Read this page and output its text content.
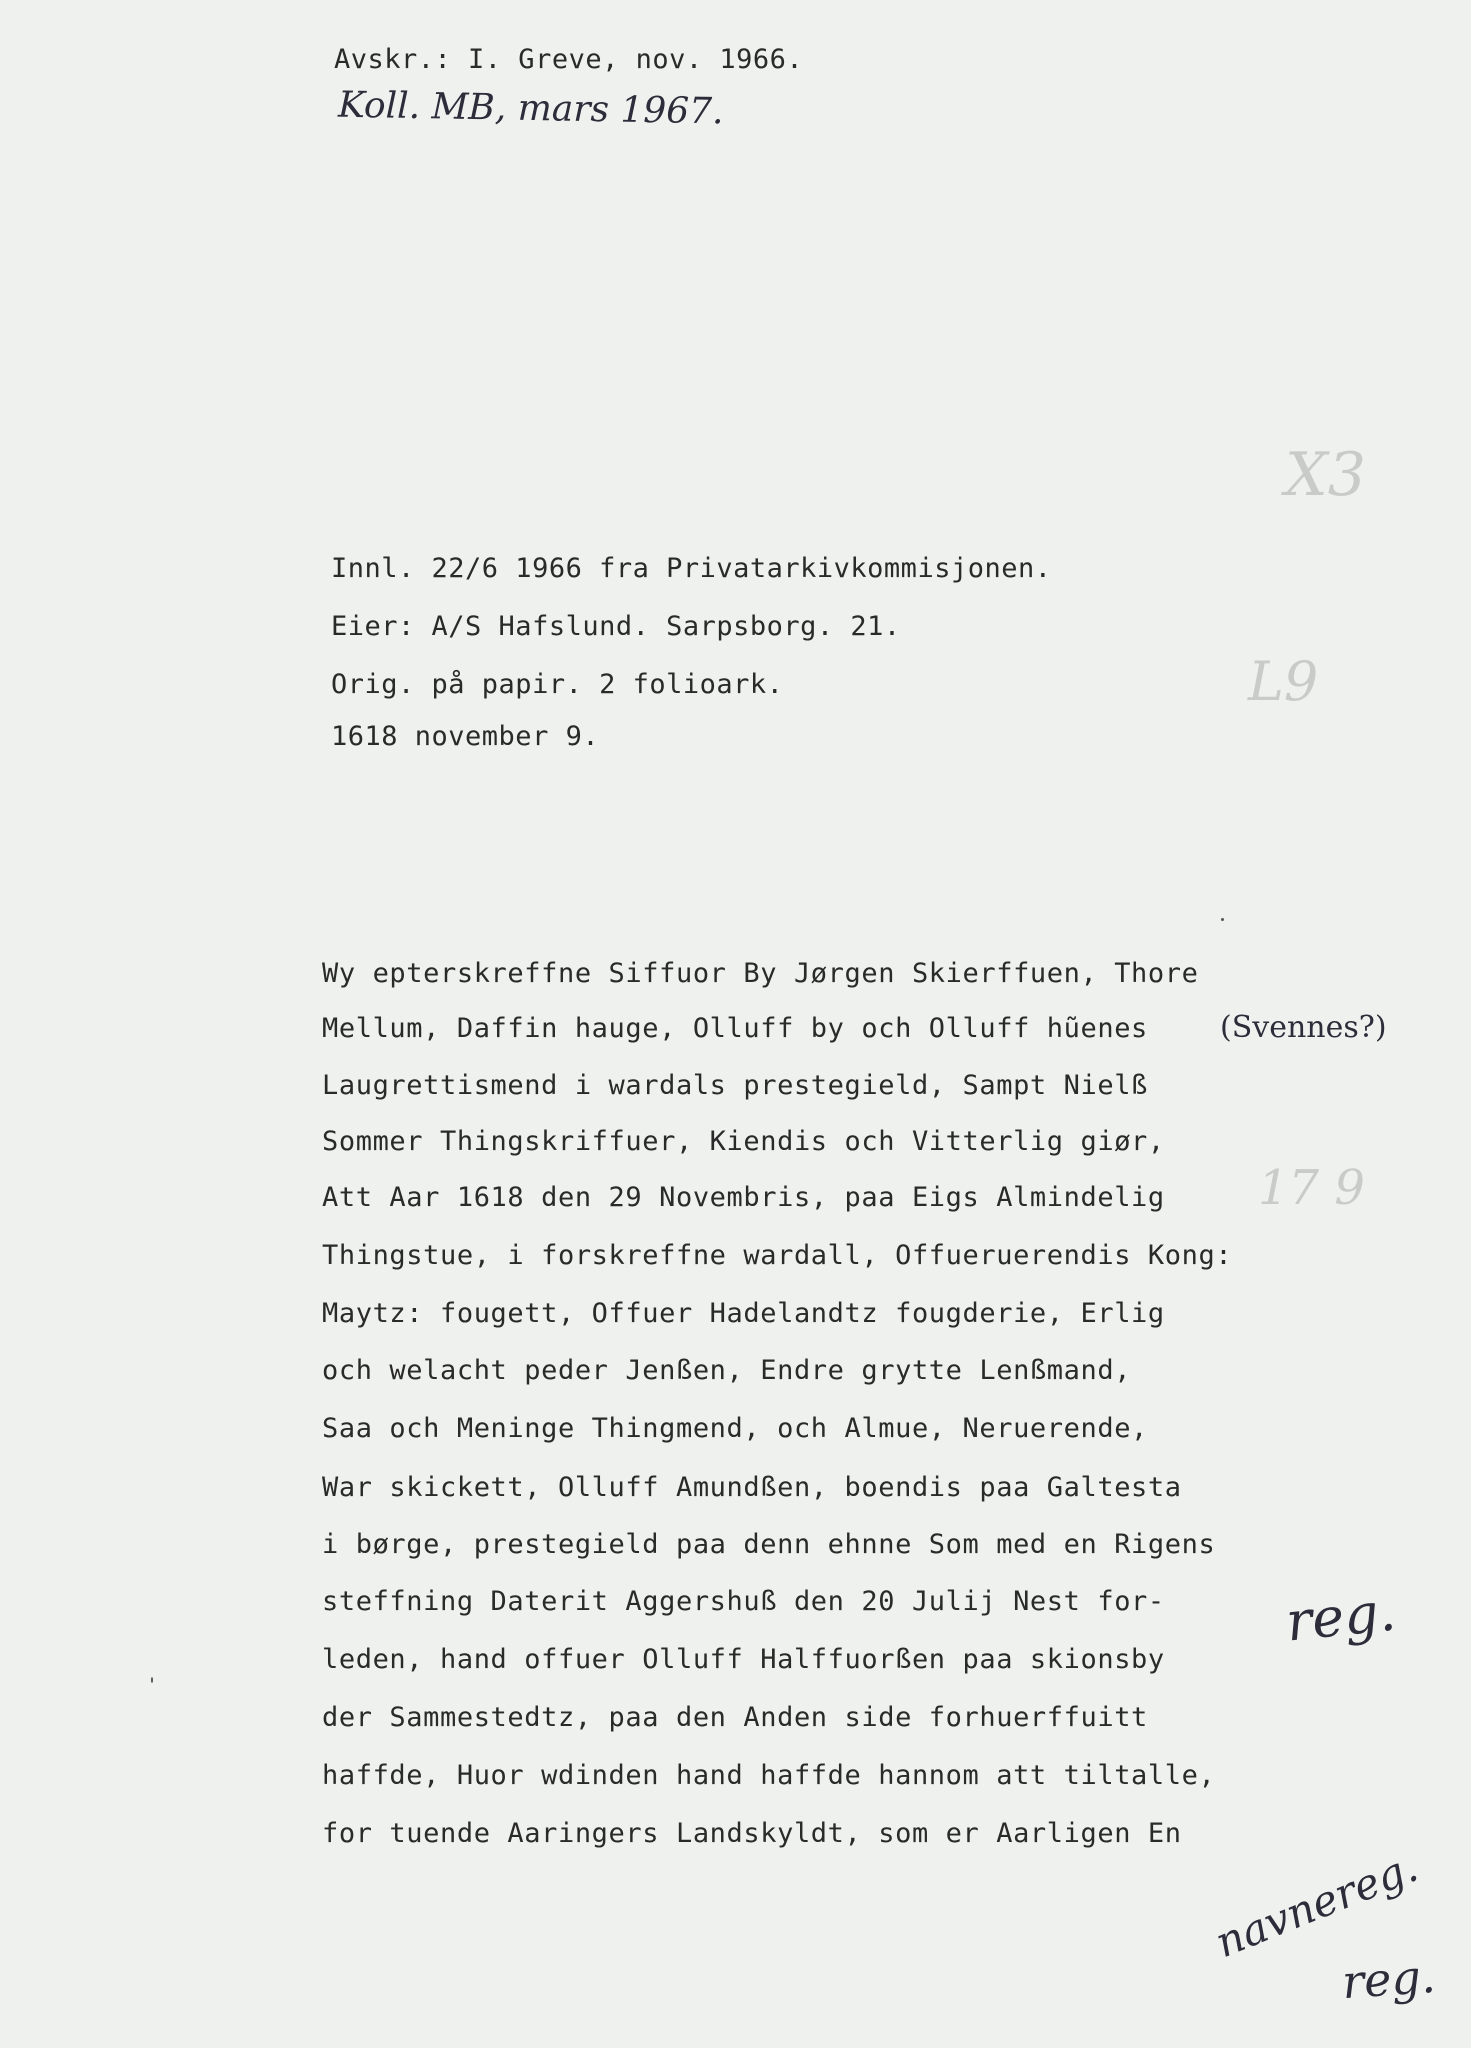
Avskr.: I. Greve, nov. 1966.
Koll. MB, mars 1967.
X3
L9
17 9
Innl. 22/6 1966 fra Privatarkivkommisjonen.
Eier: A/S Hafslund. Sarpsborg. 21.
Orig. på papir. 2 folioark.
1618 november 9.
Wy epterskreffne Siffuor By Jørgen Skierffuen, Thore
Mellum, Daffin hauge, Olluff by och Olluff hũenes
Laugrettismend i wardals prestegield, Sampt Nielß
Sommer Thingskriffuer, Kiendis och Vitterlig giør,
Att Aar 1618 den 29 Novembris, paa Eigs Almindelig
Thingstue, i forskreffne wardall, Offueruerendis Kong:
Maytz: fougett, Offuer Hadelandtz fougderie, Erlig
och welacht peder Jenßen, Endre grytte Lenßmand,
Saa och Meninge Thingmend, och Almue, Neruerende,
War skickett, Olluff Amundßen, boendis paa Galtesta
i børge, prestegield paa denn ehnne Som med en Rigens
steffning Daterit Aggershuß den 20 Julij Nest for-
leden, hand offuer Olluff Halffuorßen paa skionsby
der Sammestedtz, paa den Anden side forhuerffuitt
haffde, Huor wdinden hand haffde hannom att tiltalle,
for tuende Aaringers Landskyldt, som er Aarligen En
(Svennes?)
reg.
navnereg.
reg.
